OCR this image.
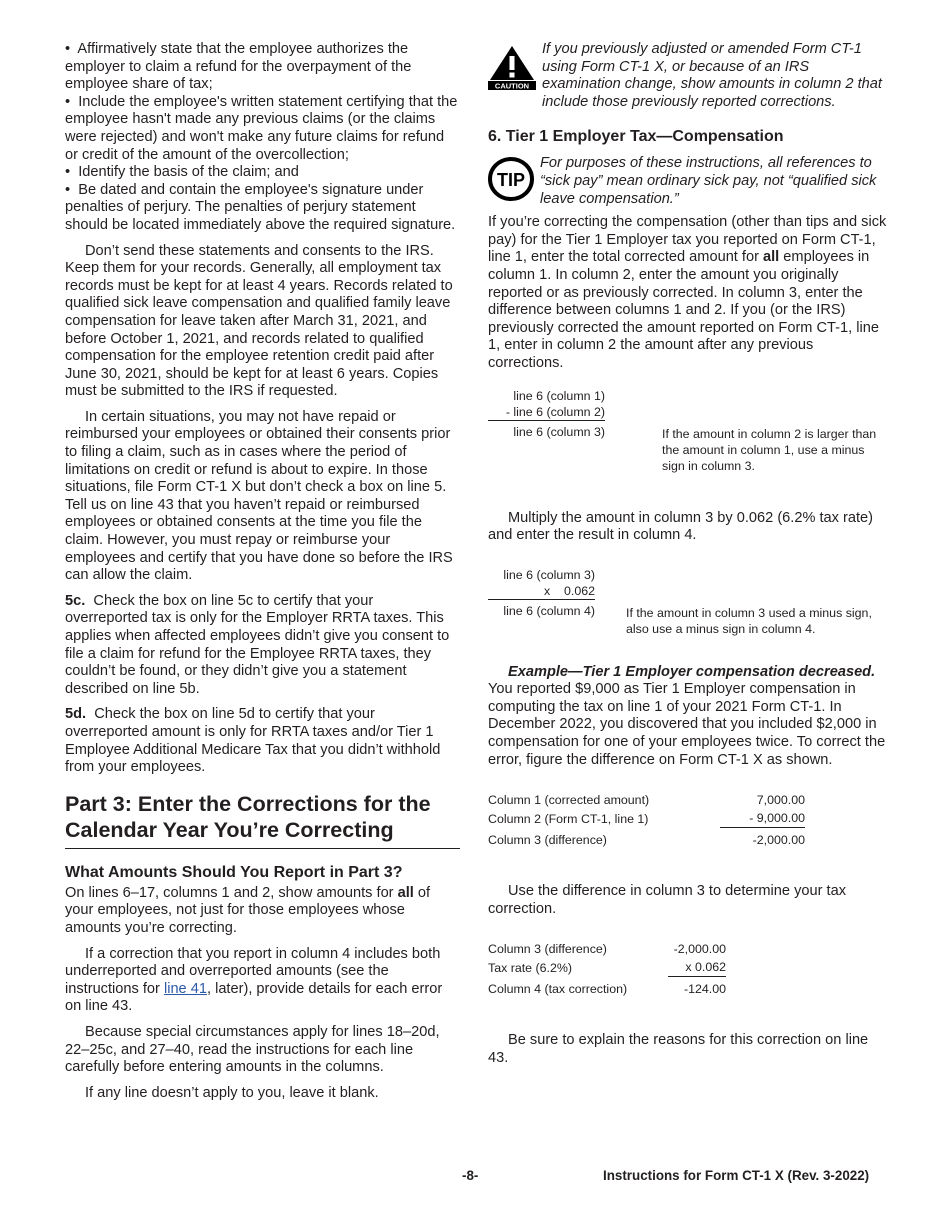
•  Affirmatively state that the employee authorizes the employer to claim a refund for the overpayment of the employee share of tax;

•  Include the employee's written statement certifying that the employee hasn't made any previous claims (or the claims were rejected) and won't make any future claims for refund or credit of the amount of the overcollection;

•  Identify the basis of the claim; and

•  Be dated and contain the employee's signature under penalties of perjury. The penalties of perjury statement should be located immediately above the required signature.

Don’t send these statements and consents to the IRS. Keep them for your records. Generally, all employment tax records must be kept for at least 4 years. Records related to qualified sick leave compensation and qualified family leave compensation for leave taken after March 31, 2021, and before October 1, 2021, and records related to qualified compensation for the employee retention credit paid after June 30, 2021, should be kept for at least 6 years. Copies must be submitted to the IRS if requested.

In certain situations, you may not have repaid or reimbursed your employees or obtained their consents prior to filing a claim, such as in cases where the period of limitations on credit or refund is about to expire. In those situations, file Form CT-1 X but don’t check a box on line 5. Tell us on line 43 that you haven’t repaid or reimbursed employees or obtained consents at the time you file the claim. However, you must repay or reimburse your employees and certify that you have done so before the IRS can allow the claim.

5c. Check the box on line 5c to certify that your overreported tax is only for the Employer RRTA taxes. This applies when affected employees didn’t give you consent to file a claim for refund for the Employee RRTA taxes, they couldn’t be found, or they didn’t give you a statement described on line 5b.

5d. Check the box on line 5d to certify that your overreported amount is only for RRTA taxes and/or Tier 1 Employee Additional Medicare Tax that you didn’t withhold from your employees.

Part 3: Enter the Corrections for the Calendar Year You’re Correcting
What Amounts Should You Report in Part 3?

On lines 6–17, columns 1 and 2, show amounts for all of your employees, not just for those employees whose amounts you’re correcting.

If a correction that you report in column 4 includes both underreported and overreported amounts (see the instructions for line 41, later), provide details for each error on line 43.

Because special circumstances apply for lines 18–20d, 22–25c, and 27–40, read the instructions for each line carefully before entering amounts in the columns.

If any line doesn’t apply to you, leave it blank.

CAUTION

If you previously adjusted or amended Form CT-1 using Form CT-1 X, or because of an IRS examination change, show amounts in column 2 that include those previously reported corrections.

6. Tier 1 Employer Tax—Compensation
TIP

For purposes of these instructions, all references to “sick pay” mean ordinary sick pay, not “qualified sick leave compensation.”

If you’re correcting the compensation (other than tips and sick pay) for the Tier 1 Employer tax you reported on Form CT-1, line 1, enter the total corrected amount for all employees in column 1. In column 2, enter the amount you originally reported or as previously corrected. In column 3, enter the difference between columns 1 and 2. If you (or the IRS) previously corrected the amount reported on Form CT-1, line 1, enter in column 2 the amount after any previous corrections.

line 6 (column 1)
- line 6 (column 2)
line 6 (column 3)	If the amount in column 2 is larger than the amount in column 1, use a minus sign in column 3.

Multiply the amount in column 3 by 0.062 (6.2% tax rate) and enter the result in column 4.

line 6 (column 3)
x 0.062
line 6 (column 4)	If the amount in column 3 used a minus sign, also use a minus sign in column 4.

Example—Tier 1 Employer compensation decreased.  You reported $9,000 as Tier 1 Employer compensation in computing the tax on line 1 of your 2021 Form CT-1. In December 2022, you discovered that you included $2,000 in compensation for one of your employees twice. To correct the error, figure the difference on Form CT-1 X as shown.

Column 1 (corrected amount)	7,000.00
Column 2 (Form CT-1, line 1)	- 9,000.00
Column 3 (difference)	-2,000.00

Use the difference in column 3 to determine your tax correction.

Column 3 (difference)	-2,000.00
Tax rate (6.2%)	x 0.062
Column 4 (tax correction)	-124.00

Be sure to explain the reasons for this correction on line 43.

-8-	Instructions for Form CT-1 X (Rev. 3-2022)
